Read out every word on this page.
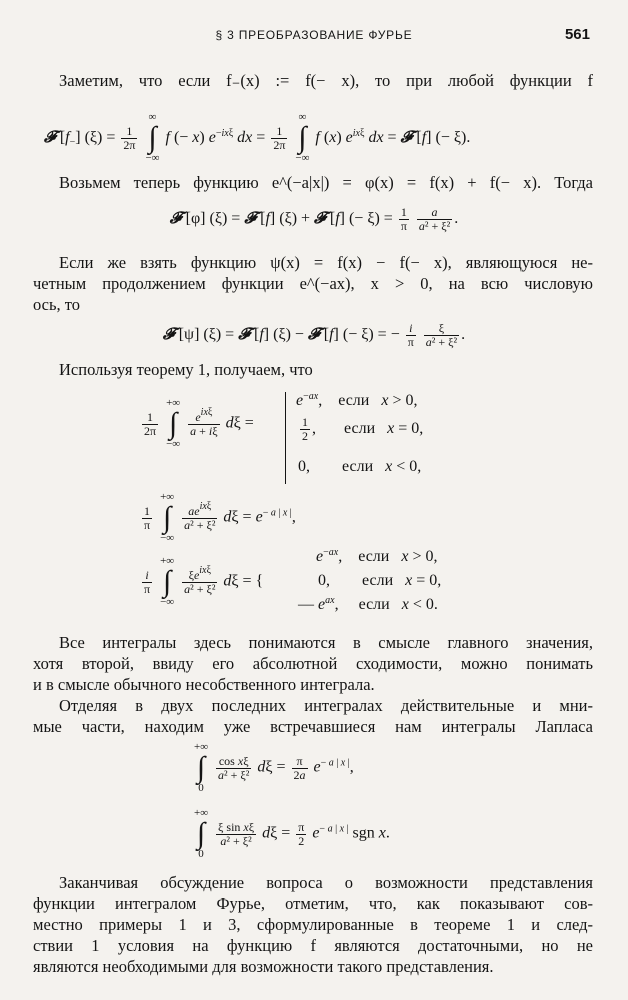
§ 3 ПРЕОБРАЗОВАНИЕ ФУРЬЕ	561
Заметим, что если f₋(x) := f(− x), то при любой функции f
𝓕 $[f_-] (\xi) = \frac{1}{2\pi}$
∞
∫
−∞ f (− x) $e^{-ix\xi}$ dx = $\frac{1}{2\pi}$
∞
∫
−∞ f (x) $e^{ix\xi}$ dx = 𝓕 [f] (− ξ).
Возьмем теперь функцию e^(−a|x|) = φ(x) = f(x) + f(− x). Тогда
𝓕 [φ] (ξ) = 𝓕 [f] (ξ) + 𝓕 [f] (− $\xi) = \frac{1}{\pi}$
$\frac{a}{\text{a² + ξ²}}$ .
Если же взять функцию ψ(x) = f(x) − f(− x), являющуюся не-
четным продолжением функции e^(−ax), x > 0, на всю числовую
ось, то
𝓕 [ψ] (ξ) = 𝓕 [f] (ξ) − 𝓕 [f] (− ξ) = − $\frac{i}{\pi}$
$\frac{\xi}{\text{a² + ξ²}}$ .
Используя теорему 1, получаем, что
$\frac{1}{2\pi}$
+∞
∫
−∞
$\frac{e^{ix\xi}}{a + i\xi}$ dξ =
$e^{-ax}$,    если   x > 0,
$\frac{1}{2}$ ,       если   x = 0,
0,        если   x < 0,
$\frac{1}{\pi}$
+∞
∫
−∞
$\frac{ae^{ix\xi}}{\text{a² + ξ²}}$ $d\xi = e^{- a | x |}$,
$\frac{i}{\pi}$
+∞
∫
−∞
$\frac{\xi e^{ix\xi}}{\text{a² + ξ²}}$ dξ = {
$e^{-ax}$,    если   x > 0,
0,        если   x = 0,
— $e^{ax}$,     если   x < 0.
Все интегралы здесь понимаются в смысле главного значения,
хотя второй, ввиду его абсолютной сходимости, можно понимать
и в смысле обычного несобственного интеграла.
Отделяя в двух последних интегралах действительные и мни-
мые части, находим уже встречавшиеся нам интегралы Лапласа
+∞
∫
0
$\frac{\text{cos xξ}}{\text{a² + ξ²}}$ $d\xi = \frac{\pi}{2a} e^{- a | x |}$,
+∞
∫
0
$\frac{\text{ξ sin xξ}}{\text{a² + ξ²}}$ $d\xi = \frac{\pi}{2} e^{- a | x |}$ sgn x.
Заканчивая обсуждение вопроса о возможности представления
функции интегралом Фурье, отметим, что, как показывают сов-
местно примеры 1 и 3, сформулированные в теореме 1 и след-
ствии 1 условия на функцию f являются достаточными, но не
являются необходимыми для возможности такого представления.
